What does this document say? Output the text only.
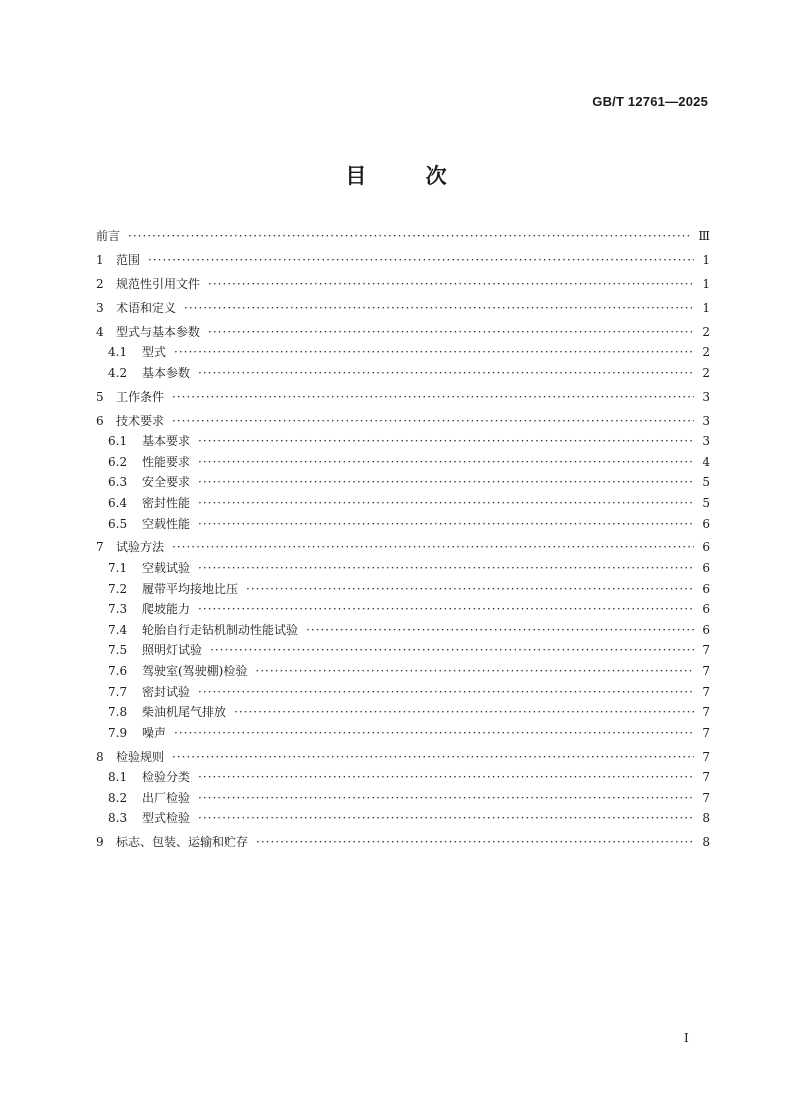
GB/T 12761—2025
目 次
前言 ·····	Ⅲ
1	范围 ·····	1
2	规范性引用文件 ·····	1
3	术语和定义 ·····	1
4	型式与基本参数 ·····	2
4.1	型式 ·····	2
4.2	基本参数 ·····	2
5	工作条件 ·····	3
6	技术要求 ·····	3
6.1	基本要求 ·····	3
6.2	性能要求 ·····	4
6.3	安全要求 ·····	5
6.4	密封性能 ·····	5
6.5	空载性能 ·····	6
7	试验方法 ·····	6
7.1	空载试验 ·····	6
7.2	履带平均接地比压 ·····	6
7.3	爬坡能力 ·····	6
7.4	轮胎自行走钻机制动性能试验 ·····	6
7.5	照明灯试验 ·····	7
7.6	驾驶室(驾驶棚)检验 ·····	7
7.7	密封试验 ·····	7
7.8	柴油机尾气排放 ·····	7
7.9	噪声 ·····	7
8	检验规则 ·····	7
8.1	检验分类 ·····	7
8.2	出厂检验 ·····	7
8.3	型式检验 ·····	8
9	标志、包装、运输和贮存 ·····	8
I
